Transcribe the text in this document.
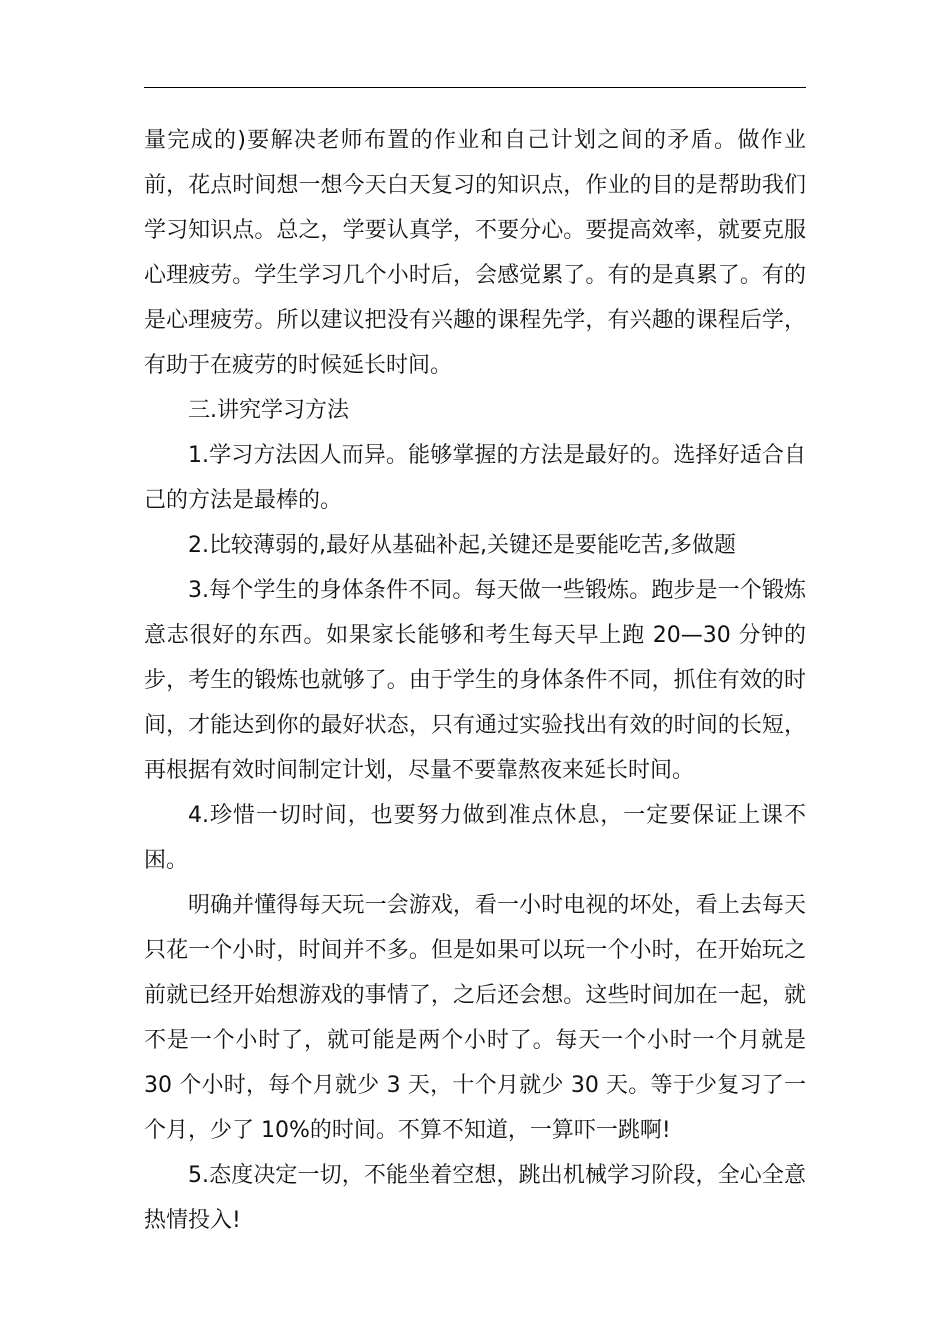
量完成的)要解决老师布置的作业和自己计划之间的矛盾。做作业前，花点时间想一想今天白天复习的知识点，作业的目的是帮助我们学习知识点。总之，学要认真学，不要分心。要提高效率，就要克服心理疲劳。学生学习几个小时后，会感觉累了。有的是真累了。有的是心理疲劳。所以建议把没有兴趣的课程先学，有兴趣的课程后学，有助于在疲劳的时候延长时间。

三.讲究学习方法

1.学习方法因人而异。能够掌握的方法是最好的。选择好适合自己的方法是最棒的。

2.比较薄弱的,最好从基础补起,关键还是要能吃苦,多做题

3.每个学生的身体条件不同。每天做一些锻炼。跑步是一个锻炼意志很好的东西。如果家长能够和考生每天早上跑 20—30 分钟的步，考生的锻炼也就够了。由于学生的身体条件不同，抓住有效的时间，才能达到你的最好状态，只有通过实验找出有效的时间的长短，再根据有效时间制定计划，尽量不要靠熬夜来延长时间。

4.珍惜一切时间，也要努力做到准点休息，一定要保证上课不困。

明确并懂得每天玩一会游戏，看一小时电视的坏处，看上去每天只花一个小时，时间并不多。但是如果可以玩一个小时，在开始玩之前就已经开始想游戏的事情了，之后还会想。这些时间加在一起，就不是一个小时了，就可能是两个小时了。每天一个小时一个月就是 30 个小时，每个月就少 3 天，十个月就少 30 天。等于少复习了一个月，少了 10%的时间。不算不知道，一算吓一跳啊!

5.态度决定一切，不能坐着空想，跳出机械学习阶段，全心全意热情投入!
